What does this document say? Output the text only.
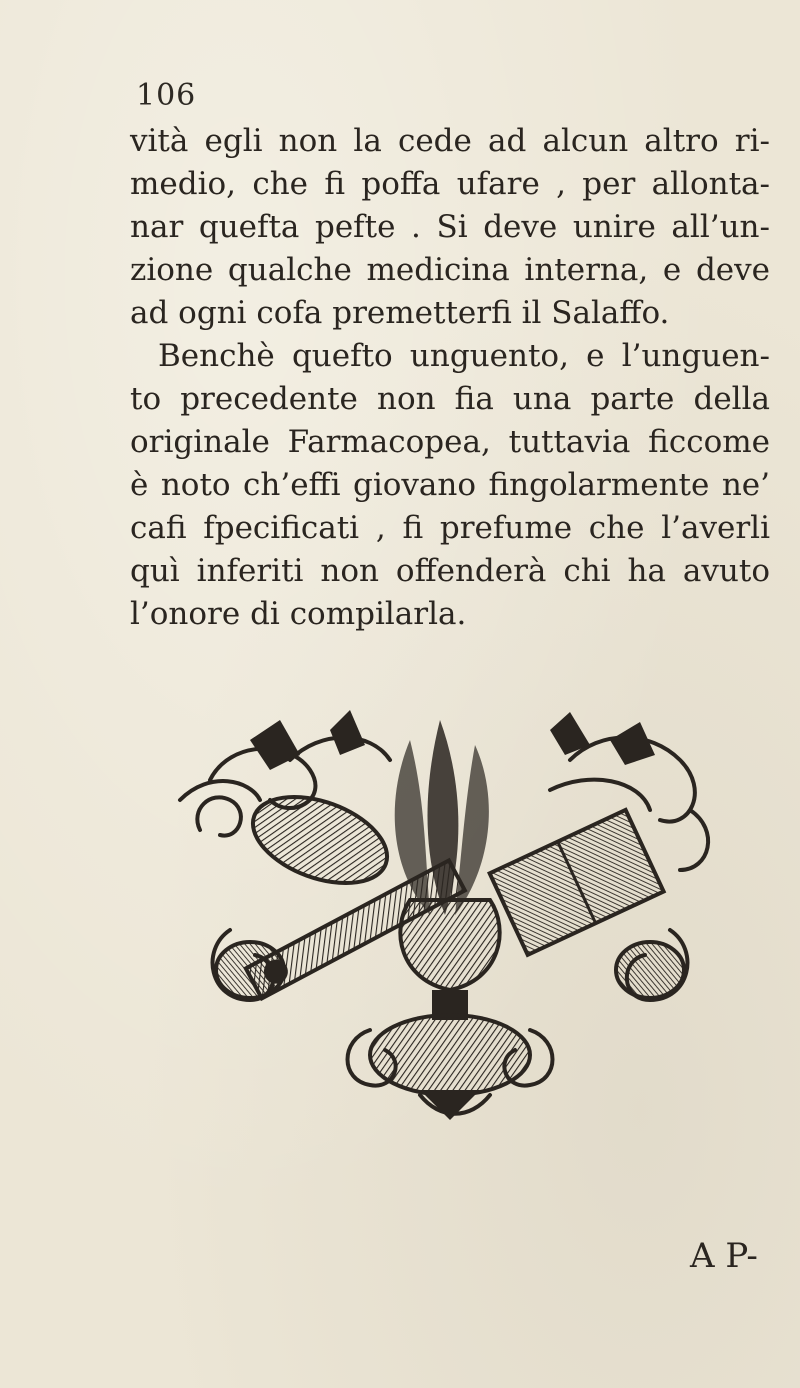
106
vità egli non la cede ad alcun altro ri-
medio, che fi poffa ufare , per allonta-
nar quefta pefte . Si deve unire all’un-
zione qualche medicina interna, e deve
ad ogni cofa premetterfi il Salaffo.
Benchè quefto unguento, e l’unguen-
to precedente non fia una parte della
originale Farmacopea, tuttavia ficcome
è noto ch’effi giovano fingolarmente ne’
cafi fpecificati , fi prefume che l’averli
quì inferiti non offenderà chi ha avuto
l’onore di compilarla.
A P-
